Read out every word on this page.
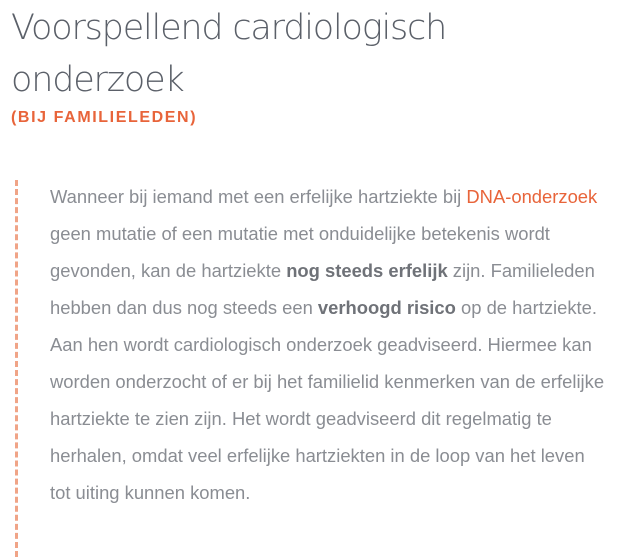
Voorspellend cardiologisch onderzoek
(BIJ FAMILIELEDEN)

Wanneer bij iemand met een erfelijke hartziekte bij DNA-onderzoek geen mutatie of een mutatie met onduidelijke betekenis wordt gevonden, kan de hartziekte nog steeds erfelijk zijn. Familieleden hebben dan dus nog steeds een verhoogd risico op de hartziekte. Aan hen wordt cardiologisch onderzoek geadviseerd. Hiermee kan worden onderzocht of er bij het familielid kenmerken van de erfelijke hartziekte te zien zijn. Het wordt geadviseerd dit regelmatig te herhalen, omdat veel erfelijke hartziekten in de loop van het leven tot uiting kunnen komen.
